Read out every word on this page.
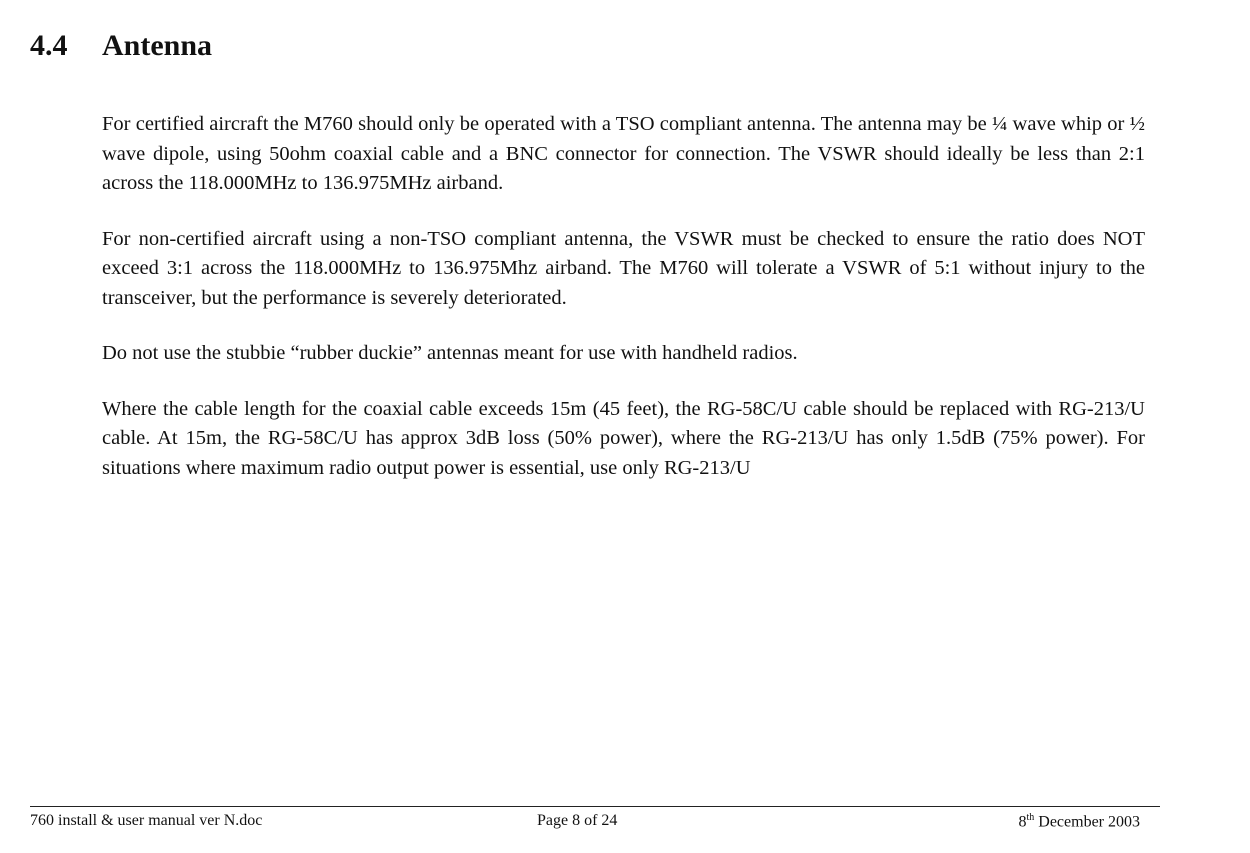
4.4 Antenna

For certified aircraft the M760 should only be operated with a TSO compliant antenna. The antenna may be ¼ wave whip or ½ wave dipole, using 50ohm coaxial cable and a BNC connector for connection. The VSWR should ideally be less than 2:1 across the 118.000MHz to 136.975MHz airband.

For non-certified aircraft using a non-TSO compliant antenna, the VSWR must be checked to ensure the ratio does NOT exceed 3:1 across the 118.000MHz to 136.975Mhz airband. The M760 will tolerate a VSWR of 5:1 without injury to the transceiver, but the performance is severely deteriorated.

Do not use the stubbie “rubber duckie” antennas meant for use with handheld radios.

Where the cable length for the coaxial cable exceeds 15m (45 feet), the RG-58C/U cable should be replaced with RG-213/U cable. At 15m, the RG-58C/U has approx 3dB loss (50% power), where the RG-213/U has only 1.5dB (75% power). For situations where maximum radio output power is essential, use only RG-213/U

760 install & user manual ver N.doc	Page 8 of 24	8th December 2003
